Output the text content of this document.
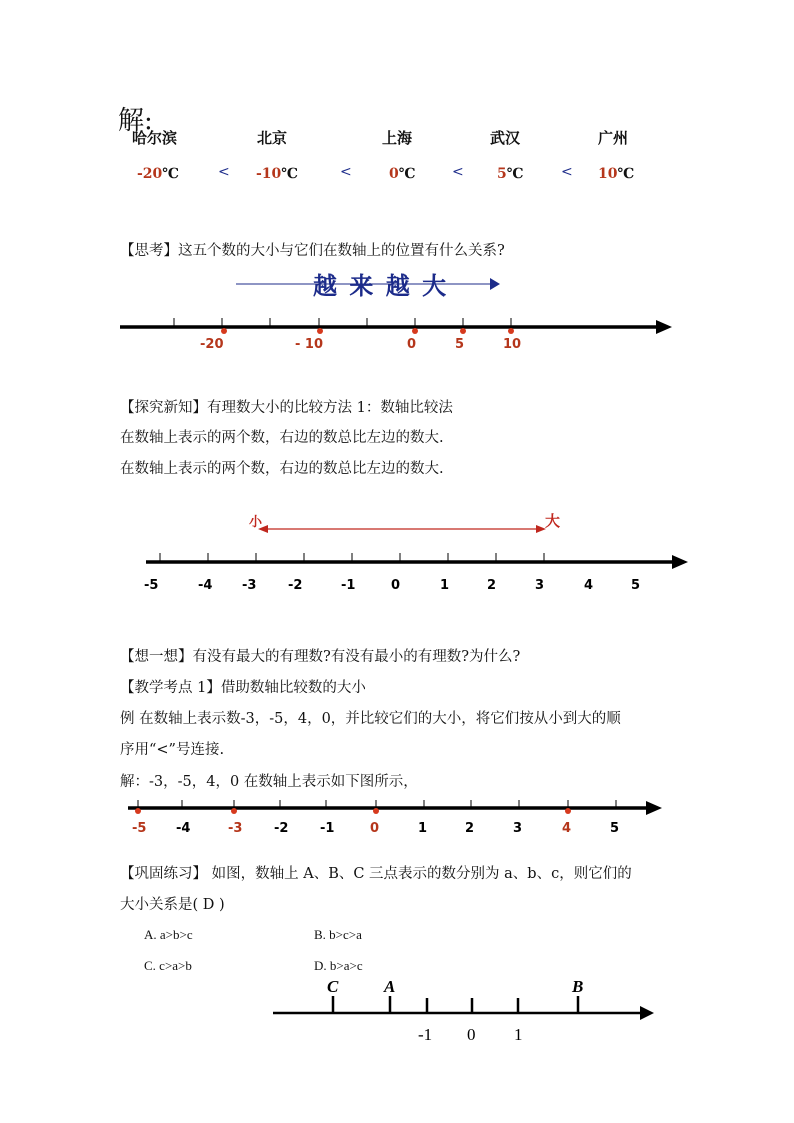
解:
哈尔滨	北京	上海	武汉	广州
-20℃	-10℃	0℃	5℃	10℃
<	<	<	<
【思考】这五个数的大小与它们在数轴上的位置有什么关系?
【探究新知】有理数大小的比较方法 1：数轴比较法
在数轴上表示的两个数，右边的数总比左边的数大.
在数轴上表示的两个数，右边的数总比左边的数大.
【想一想】有没有最大的有理数?有没有最小的有理数?为什么?
【教学考点 1】借助数轴比较数的大小
例 在数轴上表示数-3，-5，4，0，并比较它们的大小，将它们按从小到大的顺
序用“<”号连接.
解：-3，-5，4，0 在数轴上表示如下图所示，
【巩固练习】 如图，数轴上 A、B、C 三点表示的数分别为 a、b、c，则它们的
大小关系是( D )
A. a>b>c	B. b>c>a
C. c>a>b	D. b>a>c
越 来 越 大
-20	- 10	0	5	10
小	大
-5	-4 -3 -2	-1	0	1	2	3	4	5
-5 -4	-3 -2 -1	0	1	2	3	4	5
C	A	B
-1 0 1
